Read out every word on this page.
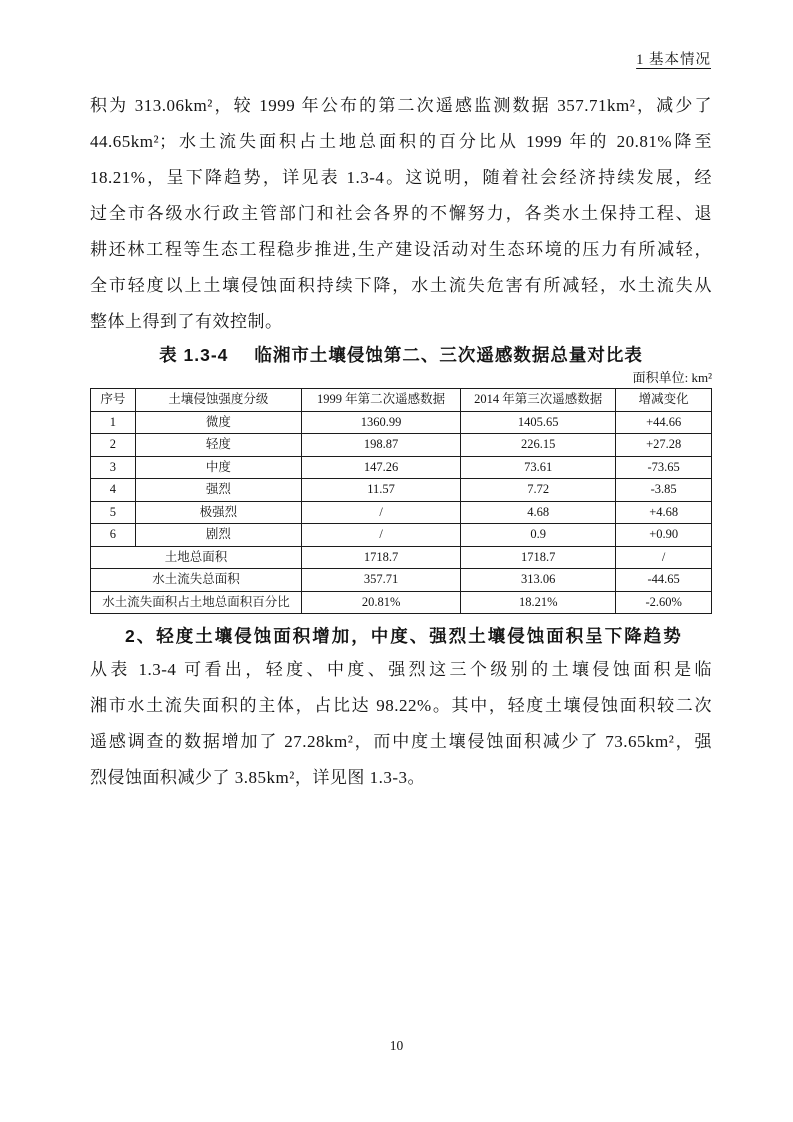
1 基本情况
积为 313.06km²，较 1999 年公布的第二次遥感监测数据 357.71km²，减少了
44.65km²；水土流失面积占土地总面积的百分比从 1999 年的 20.81%降至
18.21%，呈下降趋势，详见表 1.3-4。这说明，随着社会经济持续发展，经
过全市各级水行政主管部门和社会各界的不懈努力，各类水土保持工程、退
耕还林工程等生态工程稳步推进,生产建设活动对生态环境的压力有所减轻，
全市轻度以上土壤侵蚀面积持续下降，水土流失危害有所减轻，水土流失从
整体上得到了有效控制。
表 1.3-4 临湘市土壤侵蚀第二、三次遥感数据总量对比表
面积单位: km²
序号	土壤侵蚀强度分级	1999 年第二次遥感数据	2014 年第三次遥感数据	增减变化
1	微度	1360.99	1405.65	+44.66
2	轻度	198.87	226.15	+27.28
3	中度	147.26	73.61	-73.65
4	强烈	11.57	7.72	-3.85
5	极强烈	/	4.68	+4.68
6	剧烈	/	0.9	+0.90
土地总面积		1718.7	1718.7	/
水土流失总面积		357.71	313.06	-44.65
水土流失面积占土地总面积百分比		20.81%	18.21%	-2.60%
2、轻度土壤侵蚀面积增加，中度、强烈土壤侵蚀面积呈下降趋势
从表 1.3-4 可看出，轻度、中度、强烈这三个级别的土壤侵蚀面积是临
湘市水土流失面积的主体，占比达 98.22%。其中，轻度土壤侵蚀面积较二次
遥感调查的数据增加了 27.28km²，而中度土壤侵蚀面积减少了 73.65km²，强
烈侵蚀面积减少了 3.85km²，详见图 1.3-3。
10
